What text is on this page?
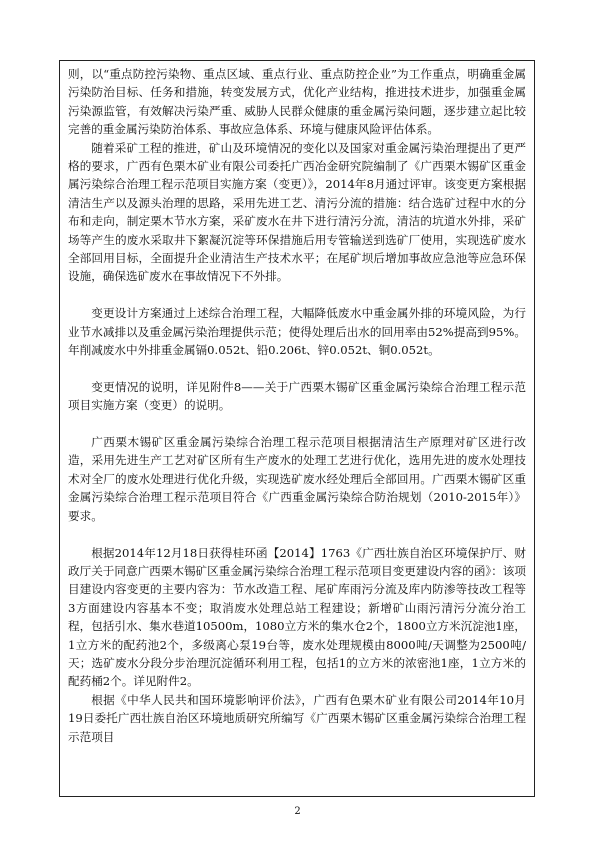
则，以“重点防控污染物、重点区域、重点行业、重点防控企业”为工作重点，明确重金属污染防治目标、任务和措施，转变发展方式，优化产业结构，推进技术进步，加强重金属污染源监管，有效解决污染严重、威胁人民群众健康的重金属污染问题，逐步建立起比较完善的重金属污染防治体系、事故应急体系、环境与健康风险评估体系。

随着采矿工程的推进，矿山及环境情况的变化以及国家对重金属污染治理提出了更严格的要求，广西有色栗木矿业有限公司委托广西冶金研究院编制了《广西栗木锡矿区重金属污染综合治理工程示范项目实施方案（变更）》，2014年8月通过评审。该变更方案根据清洁生产以及源头治理的思路，采用先进工艺、清污分流的措施：结合选矿过程中水的分布和走向，制定栗木节水方案，采矿废水在井下进行清污分流，清洁的坑道水外排，采矿场等产生的废水采取井下絮凝沉淀等环保措施后用专管输送到选矿厂使用，实现选矿废水全部回用目标，全面提升企业清洁生产技术水平；在尾矿坝后增加事故应急池等应急环保设施，确保选矿废水在事故情况下不外排。

变更设计方案通过上述综合治理工程，大幅降低废水中重金属外排的环境风险，为行业节水减排以及重金属污染治理提供示范；使得处理后出水的回用率由52%提高到95%。年削减废水中外排重金属镉0.052t、铅0.206t、锌0.052t、铜0.052t。

变更情况的说明，详见附件8——关于广西栗木锡矿区重金属污染综合治理工程示范项目实施方案（变更）的说明。

广西栗木锡矿区重金属污染综合治理工程示范项目根据清洁生产原理对矿区进行改造，采用先进生产工艺对矿区所有生产废水的处理工艺进行优化，选用先进的废水处理技术对全厂的废水处理进行优化升级，实现选矿废水经处理后全部回用。广西栗木锡矿区重金属污染综合治理工程示范项目符合《广西重金属污染综合防治规划（2010-2015年）》要求。

根据2014年12月18日获得桂环函【2014】1763《广西壮族自治区环境保护厅、财政厅关于同意广西栗木锡矿区重金属污染综合治理工程示范项目变更建设内容的函》：该项目建设内容变更的主要内容为：节水改造工程、尾矿库雨污分流及库内防渗等技改工程等3方面建设内容基本不变；取消废水处理总站工程建设；新增矿山雨污清污分流分治工程，包括引水、集水巷道10500m，1080立方米的集水仓2个，1800立方米沉淀池1座，1立方米的配药池2个，多级离心泵19台等，废水处理规模由8000吨/天调整为2500吨/天；选矿废水分段分步治理沉淀循环利用工程，包括1的立方米的浓密池1座，1立方米的配药桶2个。详见附件2。

根据《中华人民共和国环境影响评价法》，广西有色栗木矿业有限公司2014年10月19日委托广西壮族自治区环境地质研究所编写《广西栗木锡矿区重金属污染综合治理工程示范项目

2
